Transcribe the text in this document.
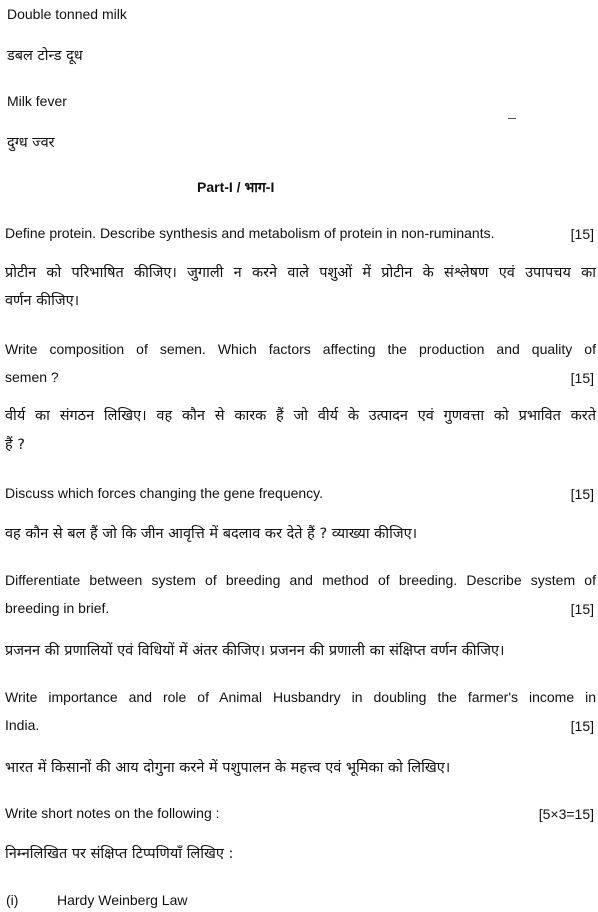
Double tonned milk
डबल टोन्ड दूध
Milk fever
दुग्ध ज्वर
Part-I / भाग-I
Define protein. Describe synthesis and metabolism of protein in non-ruminants.	[15]
प्रोटीन को परिभाषित कीजिए। जुगाली न करने वाले पशुओं में प्रोटीन के संश्लेषण एवं उपापचय का
वर्णन कीजिए।
Write composition of semen. Which factors affecting the production and quality of
semen ?	[15]
वीर्य का संगठन लिखिए। वह कौन से कारक हैं जो वीर्य के उत्पादन एवं गुणवत्ता को प्रभावित करते
हैं ?
Discuss which forces changing the gene frequency.	[15]
वह कौन से बल हैं जो कि जीन आवृत्ति में बदलाव कर देते हैं ? व्याख्या कीजिए।
Differentiate between system of breeding and method of breeding. Describe system of
breeding in brief.	[15]
प्रजनन की प्रणालियों एवं विधियों में अंतर कीजिए। प्रजनन की प्रणाली का संक्षिप्त वर्णन कीजिए।
Write importance and role of Animal Husbandry in doubling the farmer's income in
India.	[15]
भारत में किसानों की आय दोगुना करने में पशुपालन के महत्त्व एवं भूमिका को लिखिए।
Write short notes on the following :	[5×3=15]
निम्नलिखित पर संक्षिप्त टिप्पणियाँ लिखिए :
(i)	Hardy Weinberg Law
